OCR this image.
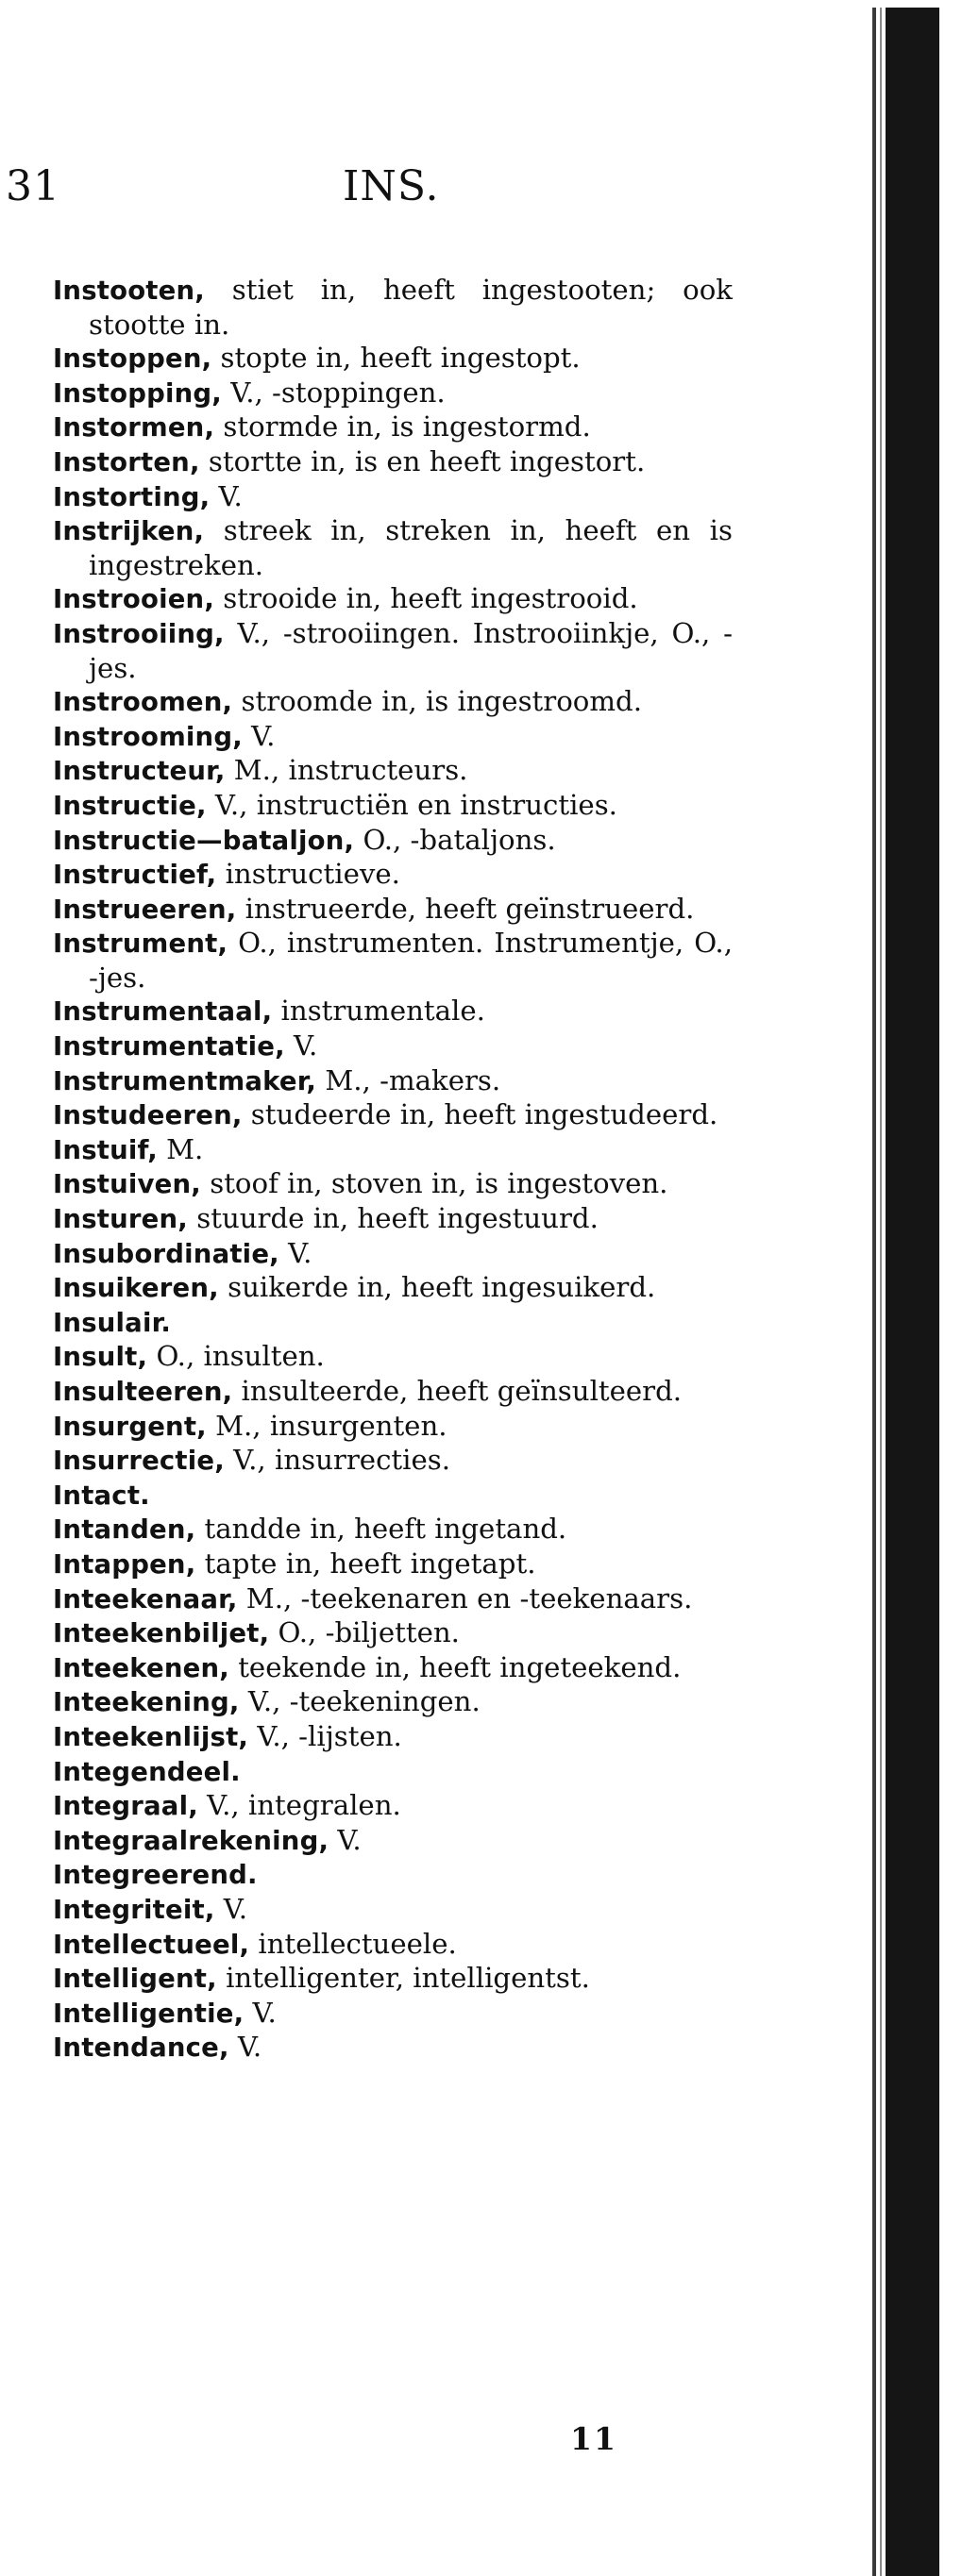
31	INS.
Instooten, stiet in, heeft ingestooten; ook stootte in.
Instoppen, stopte in, heeft ingestopt.
Instopping, V., -stoppingen.
Instormen, stormde in, is ingestormd.
Instorten, stortte in, is en heeft ingestort.
Instorting, V.
Instrijken, streek in, streken in, heeft en is ingestreken.
Instrooien, strooide in, heeft ingestrooid.
Instrooiing, V., -strooiingen. Instrooiinkje, O., -jes.
Instroomen, stroomde in, is ingestroomd.
Instrooming, V.
Instructeur, M., instructeurs.
Instructie, V., instructiën en instructies.
Instructie—bataljon, O., -bataljons.
Instructief, instructieve.
Instrueeren, instrueerde, heeft geïnstrueerd.
Instrument, O., instrumenten. Instrumentje, O., -jes.
Instrumentaal, instrumentale.
Instrumentatie, V.
Instrumentmaker, M., -makers.
Instudeeren, studeerde in, heeft ingestudeerd.
Instuif, M.
Instuiven, stoof in, stoven in, is ingestoven.
Insturen, stuurde in, heeft ingestuurd.
Insubordinatie, V.
Insuikeren, suikerde in, heeft ingesuikerd.
Insulair.
Insult, O., insulten.
Insulteeren, insulteerde, heeft geïnsulteerd.
Insurgent, M., insurgenten.
Insurrectie, V., insurrecties.
Intact.
Intanden, tandde in, heeft ingetand.
Intappen, tapte in, heeft ingetapt.
Inteekenaar, M., -teekenaren en -teekenaars.
Inteekenbiljet, O., -biljetten.
Inteekenen, teekende in, heeft ingeteekend.
Inteekening, V., -teekeningen.
Inteekenlijst, V., -lijsten.
Integendeel.
Integraal, V., integralen.
Integraalrekening, V.
Integreerend.
Integriteit, V.
Intellectueel, intellectueele.
Intelligent, intelligenter, intelligentst.
Intelligentie, V.
Intendance, V.
11
